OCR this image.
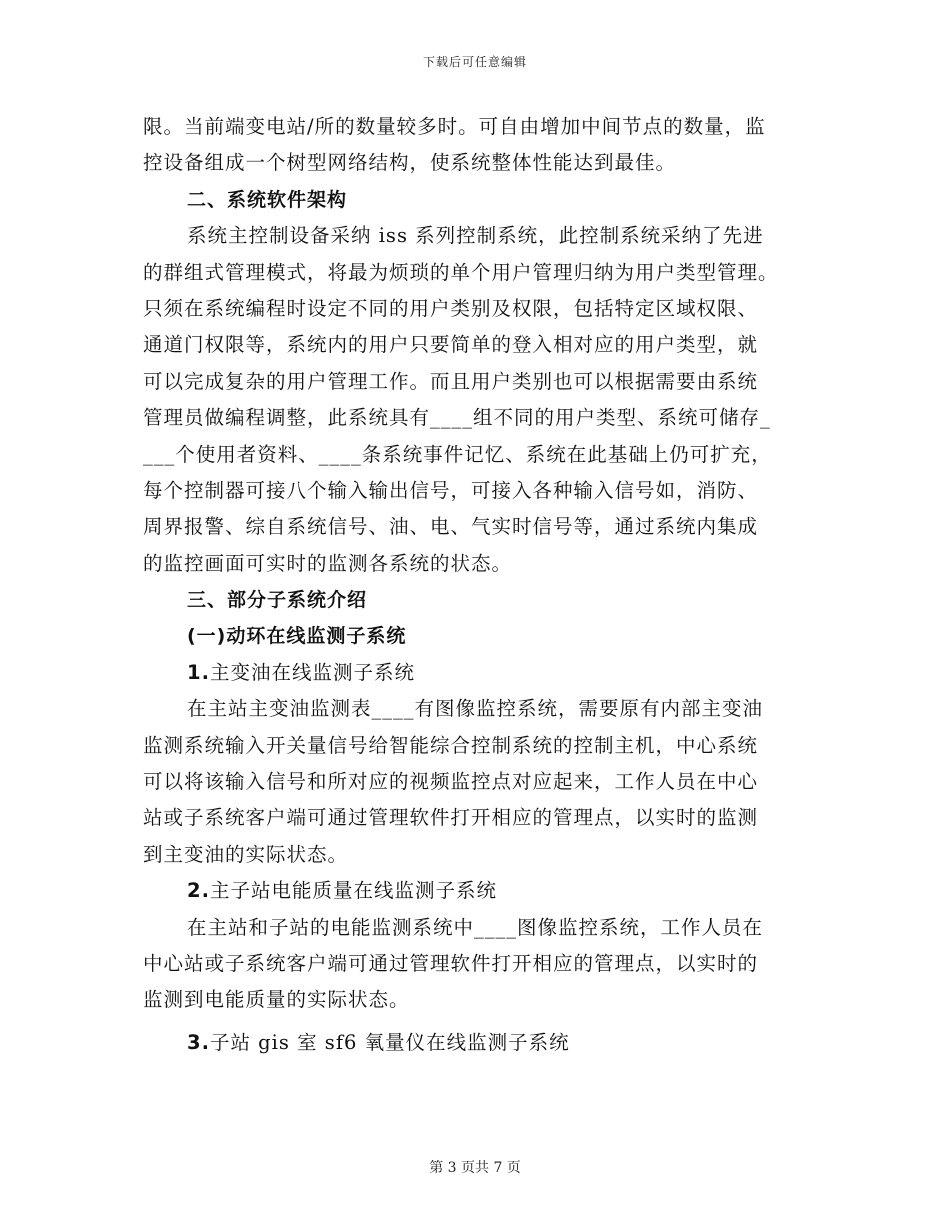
下载后可任意编辑
限。当前端变电站/所的数量较多时。可自由增加中间节点的数量，监
控设备组成一个树型网络结构，使系统整体性能达到最佳。
二、系统软件架构
系统主控制设备采纳 iss 系列控制系统，此控制系统采纳了先进
的群组式管理模式，将最为烦琐的单个用户管理归纳为用户类型管理。
只须在系统编程时设定不同的用户类别及权限，包括特定区域权限、
通道门权限等，系统内的用户只要简单的登入相对应的用户类型，就
可以完成复杂的用户管理工作。而且用户类别也可以根据需要由系统
管理员做编程调整，此系统具有____组不同的用户类型、系统可储存_
___个使用者资料、____条系统事件记忆、系统在此基础上仍可扩充，
每个控制器可接八个输入输出信号，可接入各种输入信号如，消防、
周界报警、综自系统信号、油、电、气实时信号等，通过系统内集成
的监控画面可实时的监测各系统的状态。
三、部分子系统介绍
(一)动环在线监测子系统
1.主变油在线监测子系统
在主站主变油监测表____有图像监控系统，需要原有内部主变油
监测系统输入开关量信号给智能综合控制系统的控制主机，中心系统
可以将该输入信号和所对应的视频监控点对应起来，工作人员在中心
站或子系统客户端可通过管理软件打开相应的管理点，以实时的监测
到主变油的实际状态。
2.主子站电能质量在线监测子系统
在主站和子站的电能监测系统中____图像监控系统，工作人员在
中心站或子系统客户端可通过管理软件打开相应的管理点，以实时的
监测到电能质量的实际状态。
3.子站 gis 室 sf6 氧量仪在线监测子系统
第 3 页共 7 页
